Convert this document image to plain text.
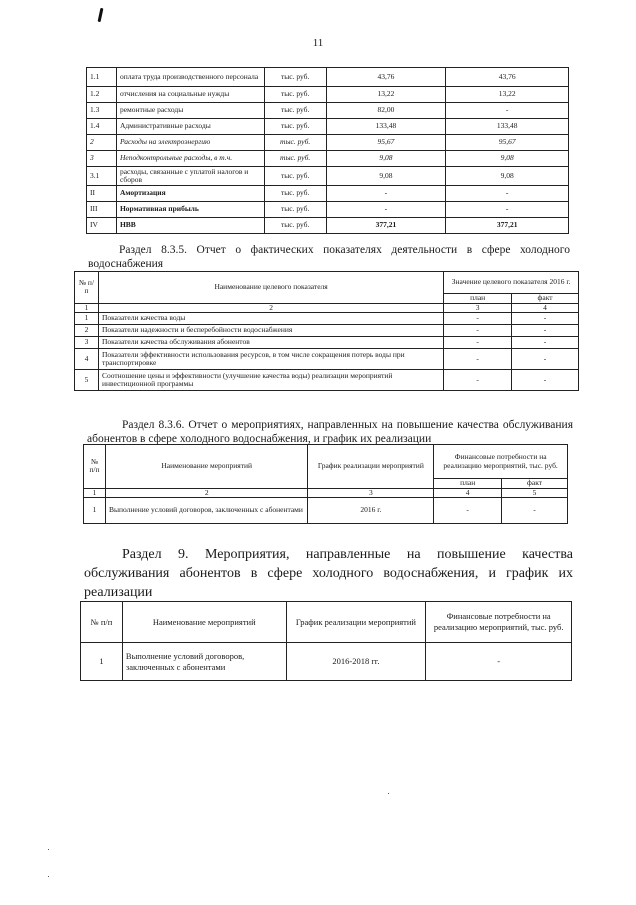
11
1.1	оплата труда производственного персонала	тыс. руб.	43,76	43,76
1.2	отчисления на социальные нужды	тыс. руб.	13,22	13,22
1.3	ремонтные расходы	тыс. руб.	82,00	-
1.4	Административные расходы	тыс. руб.	133,48	133,48
2	Расходы на электроэнергию	тыс. руб.	95,67	95,67
3	Неподконтрольные расходы, в т.ч.	тыс. руб.	9,08	9,08
3.1	расходы, связанные с уплатой налогов и сборов	тыс. руб.	9,08	9,08
II	Амортизация	тыс. руб.	-	-
III	Нормативная прибыль	тыс. руб.	-	-
IV	НВВ	тыс. руб.	377,21	377,21
Раздел 8.3.5. Отчет о фактических показателях деятельности в сфере холодного водоснабжения
№ п/п	Наименование целевого показателя	Значение целевого показателя 2016 г.	
		план	факт
1	2	3	4
1	Показатели качества воды	-	-
2	Показатели надежности и бесперебойности водоснабжения	-	-
3	Показатели качества обслуживания абонентов	-	-
4	Показатели эффективности использования ресурсов, в том числе сокращения потерь воды при транспортировке	-	-
5	Соотношение цены и эффективности (улучшение качества воды) реализации мероприятий инвестиционной программы	-	-
Раздел 8.3.6. Отчет о мероприятиях, направленных на повышение качества обслуживания абонентов в сфере холодного водоснабжения, и график их реализации
№ п/п	Наименование мероприятий	График реализации мероприятий	Финансовые потребности на реализацию мероприятий, тыс. руб.	
			план	факт
1	2	3	4	5
1	Выполнение условий договоров, заключенных с абонентами	2016 г.	-	-
Раздел 9. Мероприятия, направленные на повышение качества обслуживания абонентов в сфере холодного водоснабжения, и график их реализации
№ п/п	Наименование мероприятий	График реализации мероприятий	Финансовые потребности на реализацию мероприятий, тыс. руб.
1	Выполнение условий договоров, заключенных с абонентами	2016-2018 гг.	-
